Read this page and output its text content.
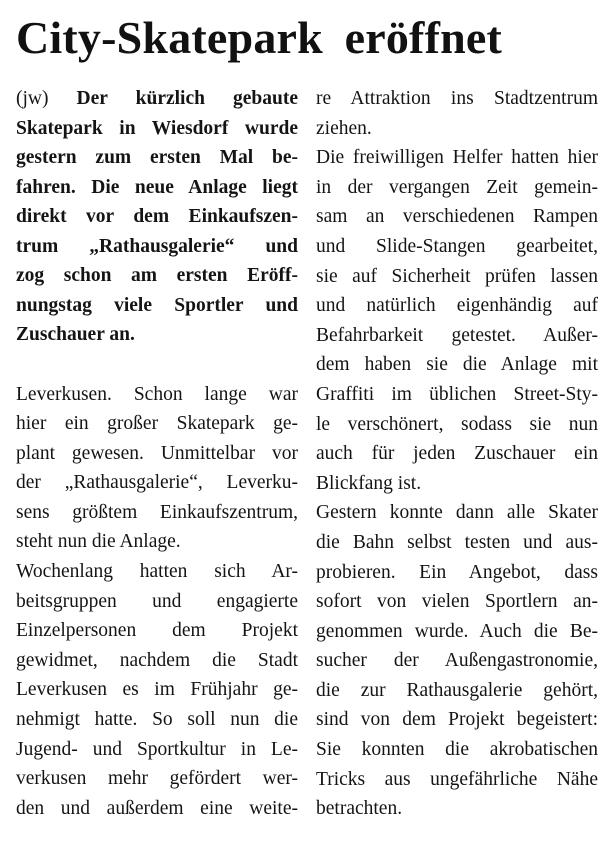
City-Skatepark eröffnet
(jw) Der kürzlich gebaute
Skatepark in Wiesdorf wurde
gestern zum ersten Mal be-
fahren. Die neue Anlage liegt
direkt vor dem Einkaufszen-
trum „Rathausgalerie“ und
zog schon am ersten Eröff-
nungstag viele Sportler und
Zuschauer an.
Leverkusen. Schon lange war
hier ein großer Skatepark ge-
plant gewesen. Unmittelbar vor
der „Rathausgalerie“, Leverku-
sens größtem Einkaufszentrum,
steht nun die Anlage.
Wochenlang hatten sich Ar-
beitsgruppen und engagierte
Einzelpersonen dem Projekt
gewidmet, nachdem die Stadt
Leverkusen es im Frühjahr ge-
nehmigt hatte. So soll nun die
Jugend- und Sportkultur in Le-
verkusen mehr gefördert wer-
den und außerdem eine weite-
re Attraktion ins Stadtzentrum
ziehen.
Die freiwilligen Helfer hatten hier
in der vergangen Zeit gemein-
sam an verschiedenen Rampen
und Slide-Stangen gearbeitet,
sie auf Sicherheit prüfen lassen
und natürlich eigenhändig auf
Befahrbarkeit getestet. Außer-
dem haben sie die Anlage mit
Graffiti im üblichen Street-Sty-
le verschönert, sodass sie nun
auch für jeden Zuschauer ein
Blickfang ist.
Gestern konnte dann alle Skater
die Bahn selbst testen und aus-
probieren. Ein Angebot, dass
sofort von vielen Sportlern an-
genommen wurde. Auch die Be-
sucher der Außengastronomie,
die zur Rathausgalerie gehört,
sind von dem Projekt begeistert:
Sie konnten die akrobatischen
Tricks aus ungefährliche Nähe
betrachten.
